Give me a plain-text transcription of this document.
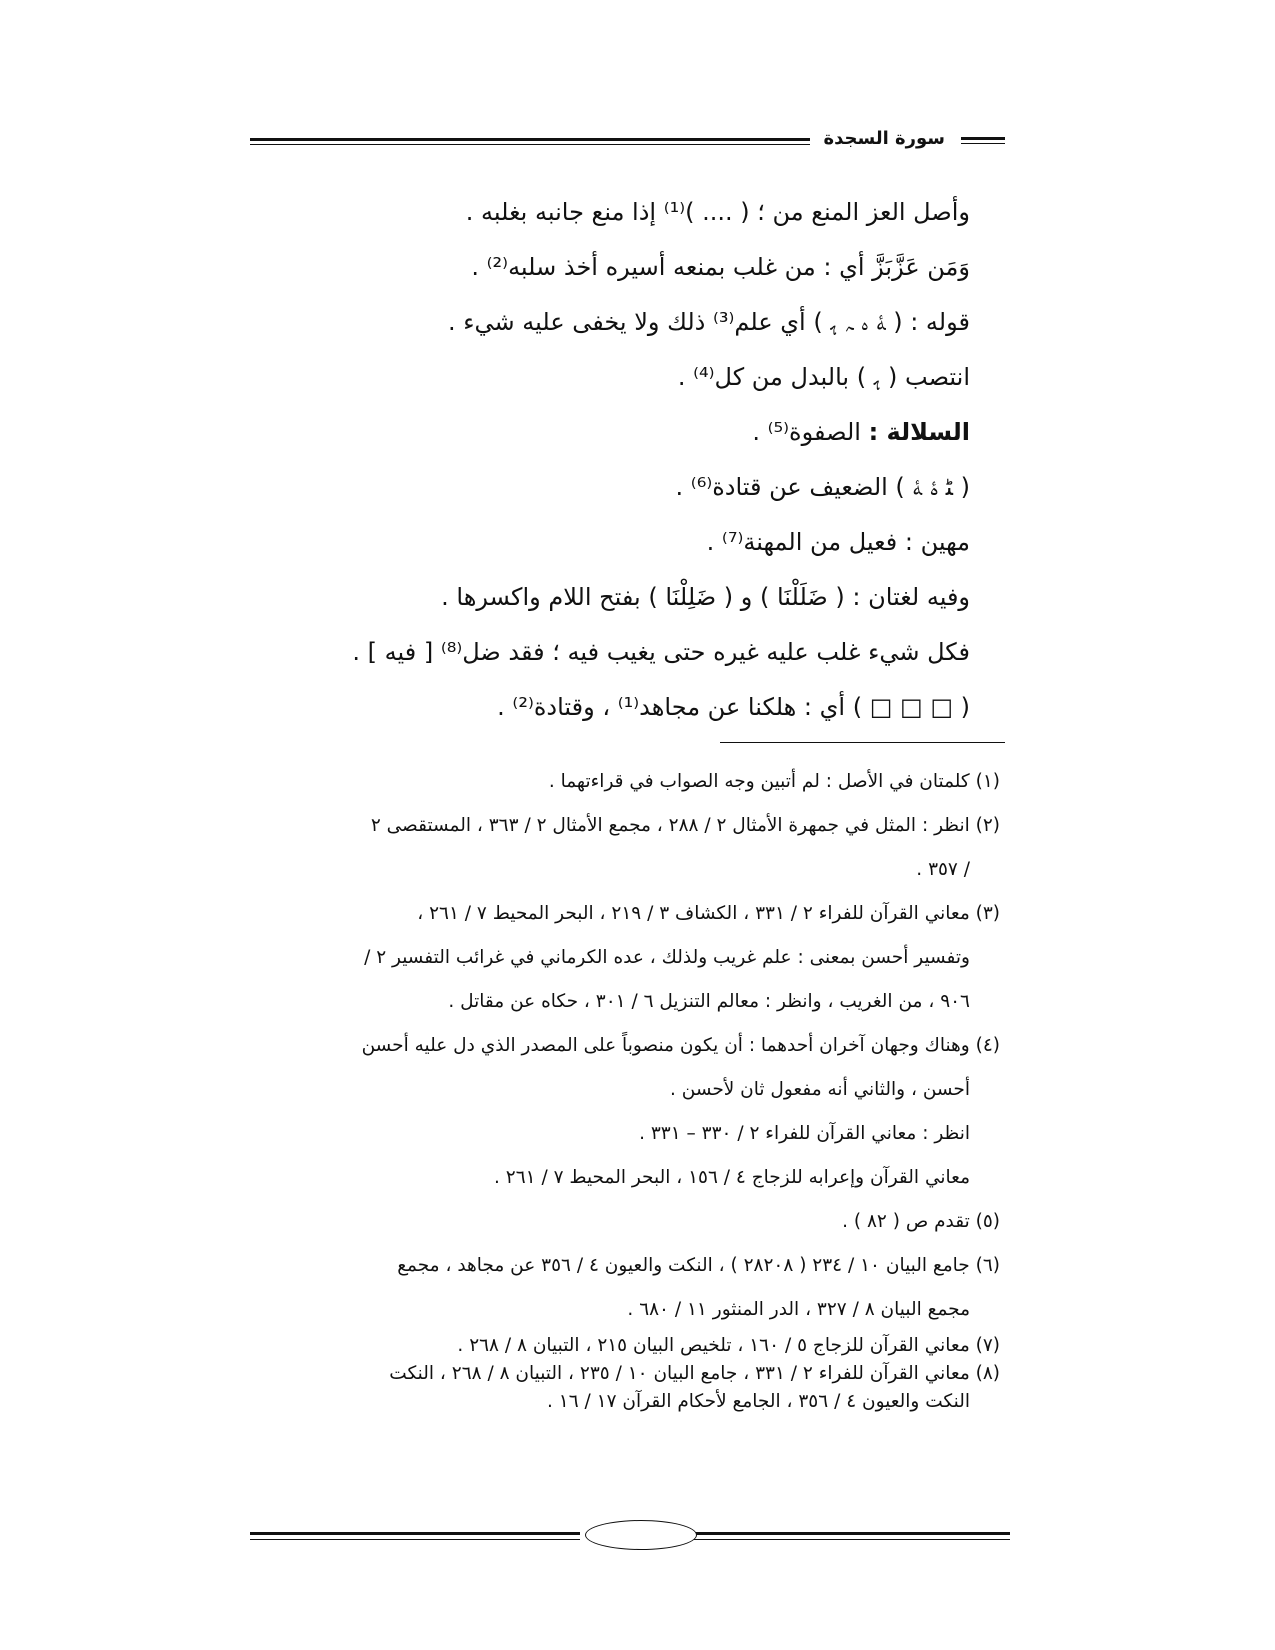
سورة السجدة
وأصل العز المنع من ؛ ( .... )⁽¹⁾ إذا منع جانبه بغلبه .
وَمَن عَزَّبَزَّ أي : من غلب بمنعه أسيره أخذ سلبه⁽²⁾ .
قوله : ( ﮥ ﮦ ﮧ ﮨ ) أي علم⁽³⁾ ذلك ولا يخفى عليه شيء .
انتصب ( ﮨ ) بالبدل من كل⁽⁴⁾ .
السلالة : الصفوة⁽⁵⁾ .
( ﮣ ﮤ ﮥ ) الضعيف عن قتادة⁽⁶⁾ .
مهين : فعيل من المهنة⁽⁷⁾ .
وفيه لغتان : ( ضَلَلْنَا ) و ( ضَلِلْنَا ) بفتح اللام واكسرها .
فكل شيء غلب عليه غيره حتى يغيب فيه ؛ فقد ضل⁽⁸⁾ [ فيه ] .
( □ □ □ ) أي : هلكنا عن مجاهد⁽¹⁾ ، وقتادة⁽²⁾ .
(١) كلمتان في الأصل : لم أتبين وجه الصواب في قراءتهما .
(٢) انظر : المثل في جمهرة الأمثال ٢ / ٢٨٨ ، مجمع الأمثال ٢ / ٣٦٣ ، المستقصى ٢
/ ٣٥٧ .
(٣) معاني القرآن للفراء ٢ / ٣٣١ ، الكشاف ٣ / ٢١٩ ، البحر المحيط ٧ / ٢٦١ ،
وتفسير أحسن بمعنى : علم غريب ولذلك ، عده الكرماني في غرائب التفسير ٢ /
٩٠٦ ، من الغريب ، وانظر : معالم التنزيل ٦ / ٣٠١ ، حكاه عن مقاتل .
(٤) وهناك وجهان آخران أحدهما : أن يكون منصوباً على المصدر الذي دل عليه أحسن
أحسن ، والثاني أنه مفعول ثان لأحسن .
انظر : معاني القرآن للفراء ٢ / ٣٣٠ – ٣٣١ .
معاني القرآن وإعرابه للزجاج ٤ / ١٥٦ ، البحر المحيط ٧ / ٢٦١ .
(٥) تقدم ص ( ٨٢ ) .
(٦) جامع البيان ١٠ / ٢٣٤ ( ٢٨٢٠٨ ) ، النكت والعيون ٤ / ٣٥٦ عن مجاهد ، مجمع
مجمع البيان ٨ / ٣٢٧ ، الدر المنثور ١١ / ٦٨٠ .
(٧) معاني القرآن للزجاج ٥ / ١٦٠ ، تلخيص البيان ٢١٥ ، التبيان ٨ / ٢٦٨ .
(٨) معاني القرآن للفراء ٢ / ٣٣١ ، جامع البيان ١٠ / ٢٣٥ ، التبيان ٨ / ٢٦٨ ، النكت
النكت والعيون ٤ / ٣٥٦ ، الجامع لأحكام القرآن ١٧ / ١٦ .
